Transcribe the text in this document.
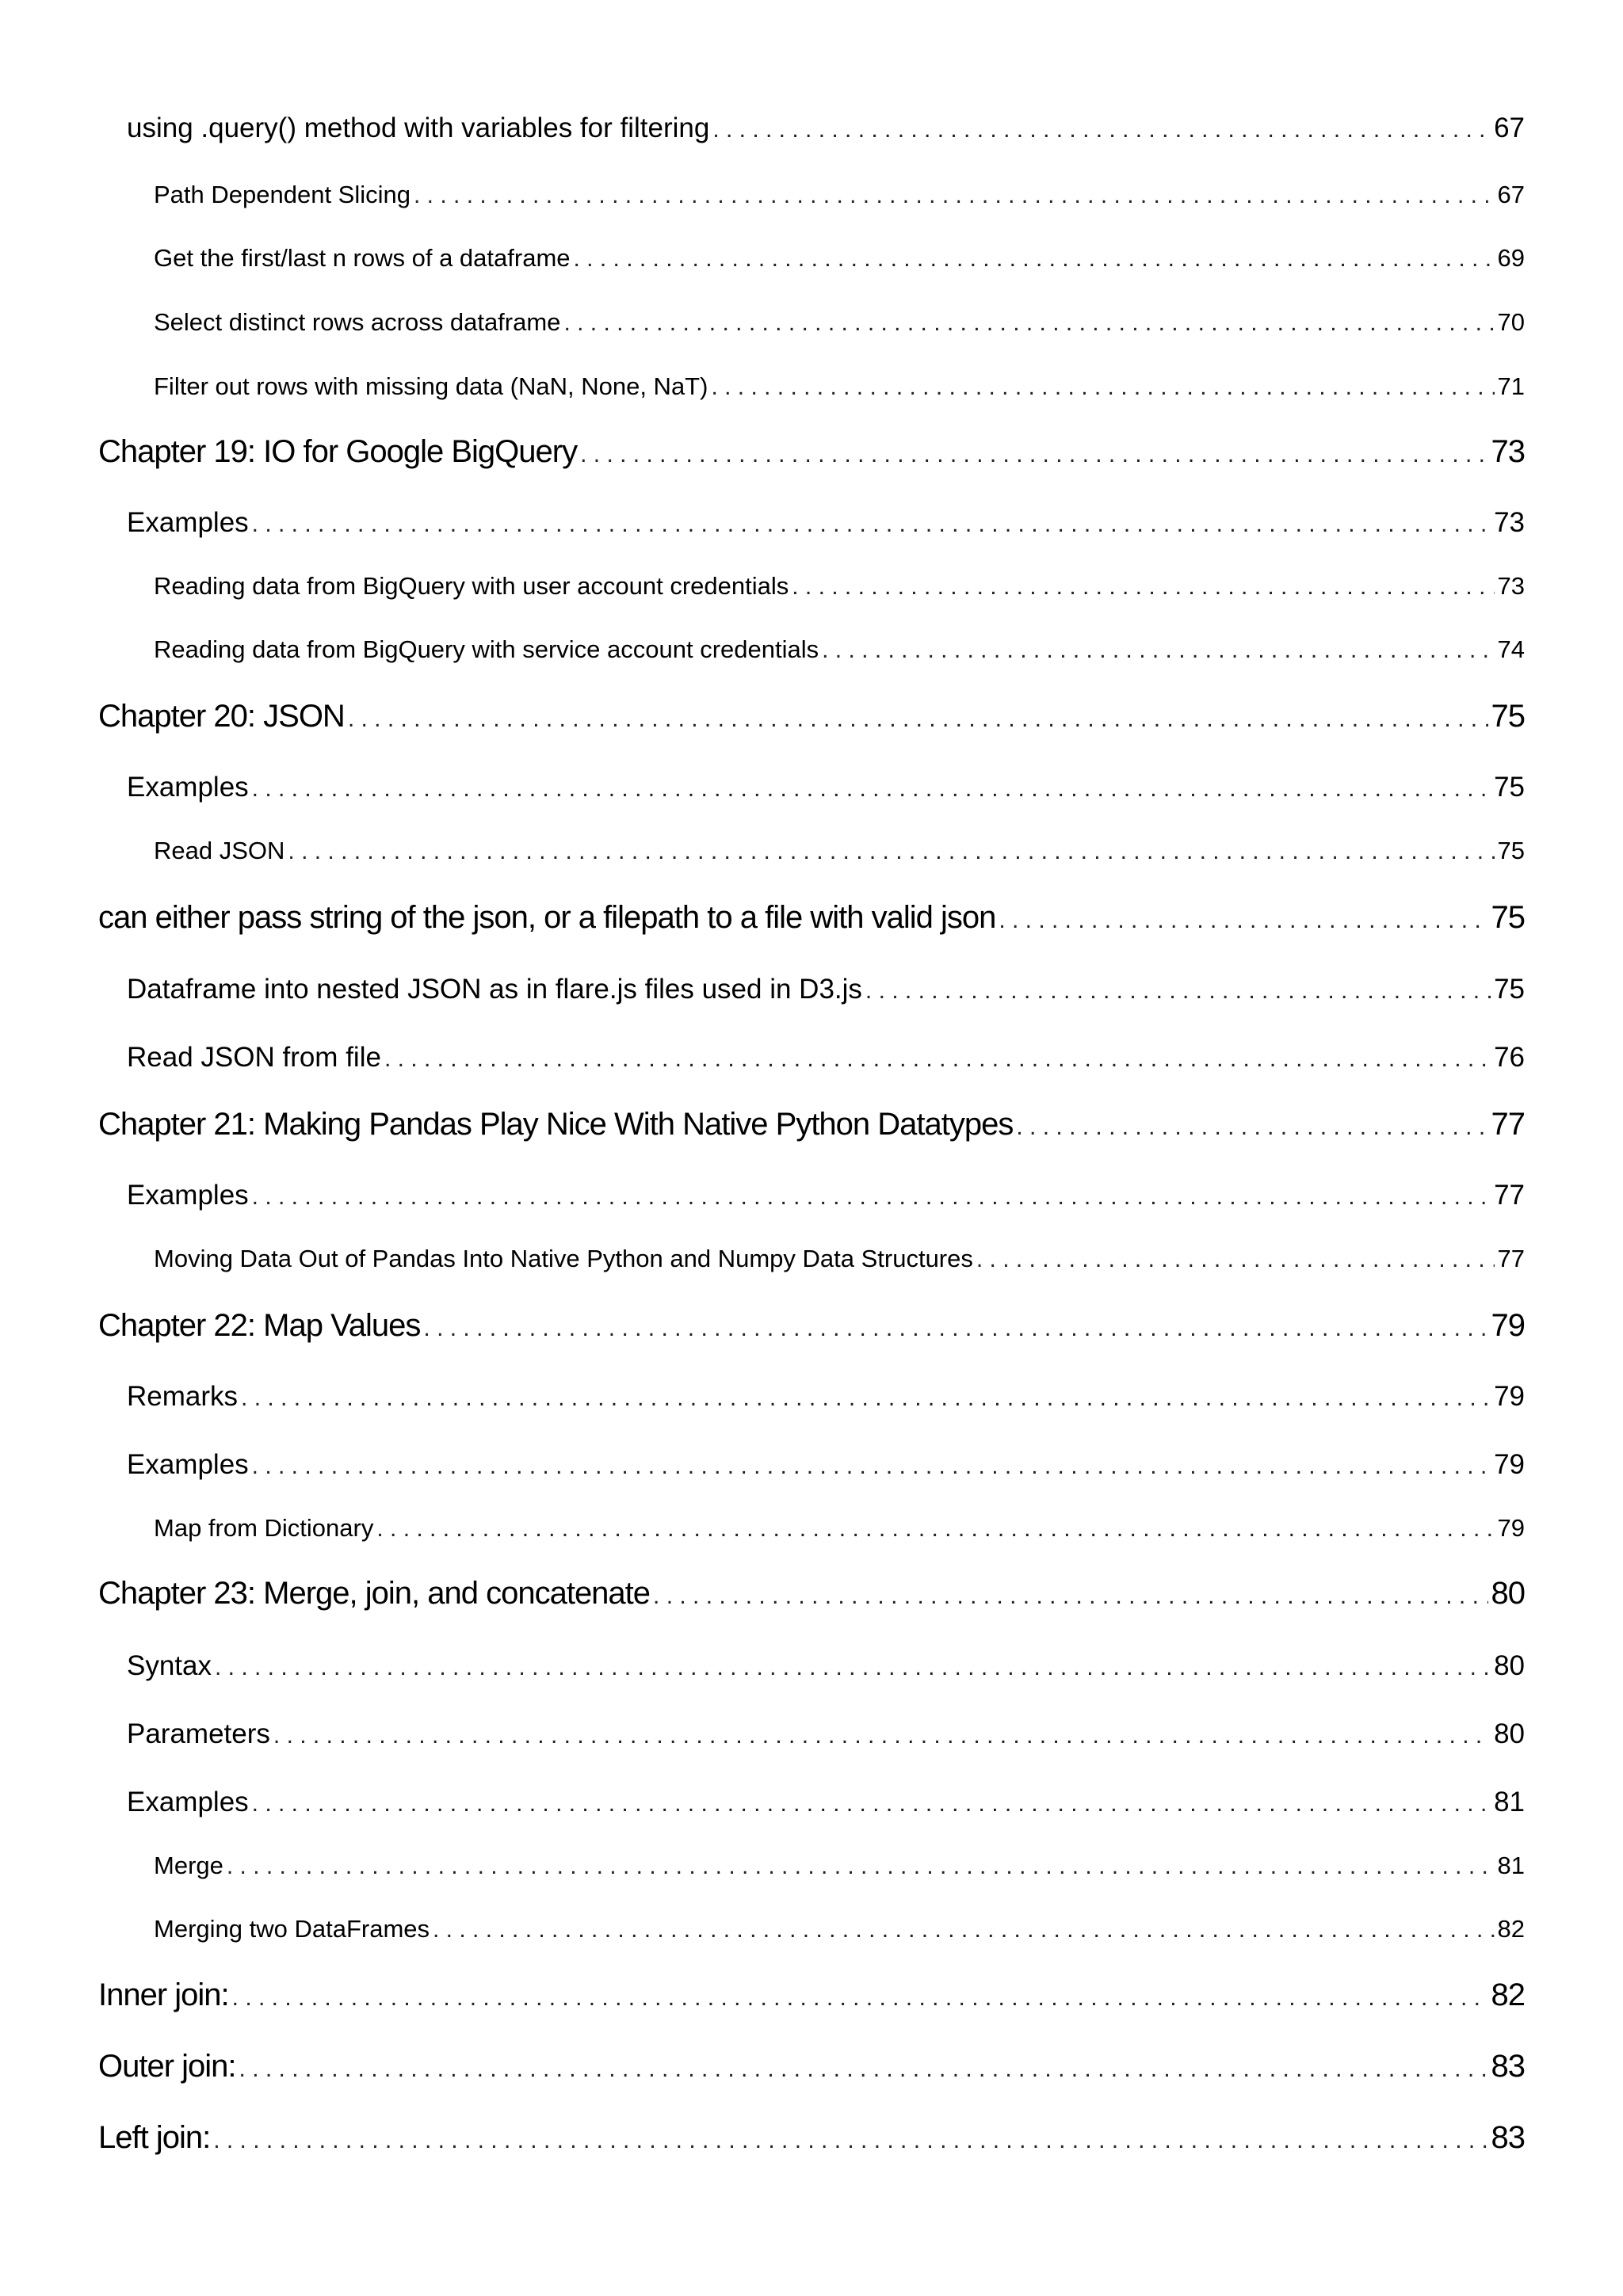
using .query() method with variables for filtering . . .	67
Path Dependent Slicing . . .	67
Get the first/last n rows of a dataframe . . .	69
Select distinct rows across dataframe . . .	70
Filter out rows with missing data (NaN, None, NaT) . . .	71
Chapter 19: IO for Google BigQuery . . .	73
Examples . . .	73
Reading data from BigQuery with user account credentials . . .	73
Reading data from BigQuery with service account credentials . . .	74
Chapter 20: JSON . . .	75
Examples . . .	75
Read JSON . . .	75
can either pass string of the json, or a filepath to a file with valid json . . .	75
Dataframe into nested JSON as in flare.js files used in D3.js . . .	75
Read JSON from file . . .	76
Chapter 21: Making Pandas Play Nice With Native Python Datatypes . . .	77
Examples . . .	77
Moving Data Out of Pandas Into Native Python and Numpy Data Structures . . .	77
Chapter 22: Map Values . . .	79
Remarks . . .	79
Examples . . .	79
Map from Dictionary . . .	79
Chapter 23: Merge, join, and concatenate . . .	80
Syntax . . .	80
Parameters . . .	80
Examples . . .	81
Merge . . .	81
Merging two DataFrames . . .	82
Inner join: . . .	82
Outer join: . . .	83
Left join: . . .	83
